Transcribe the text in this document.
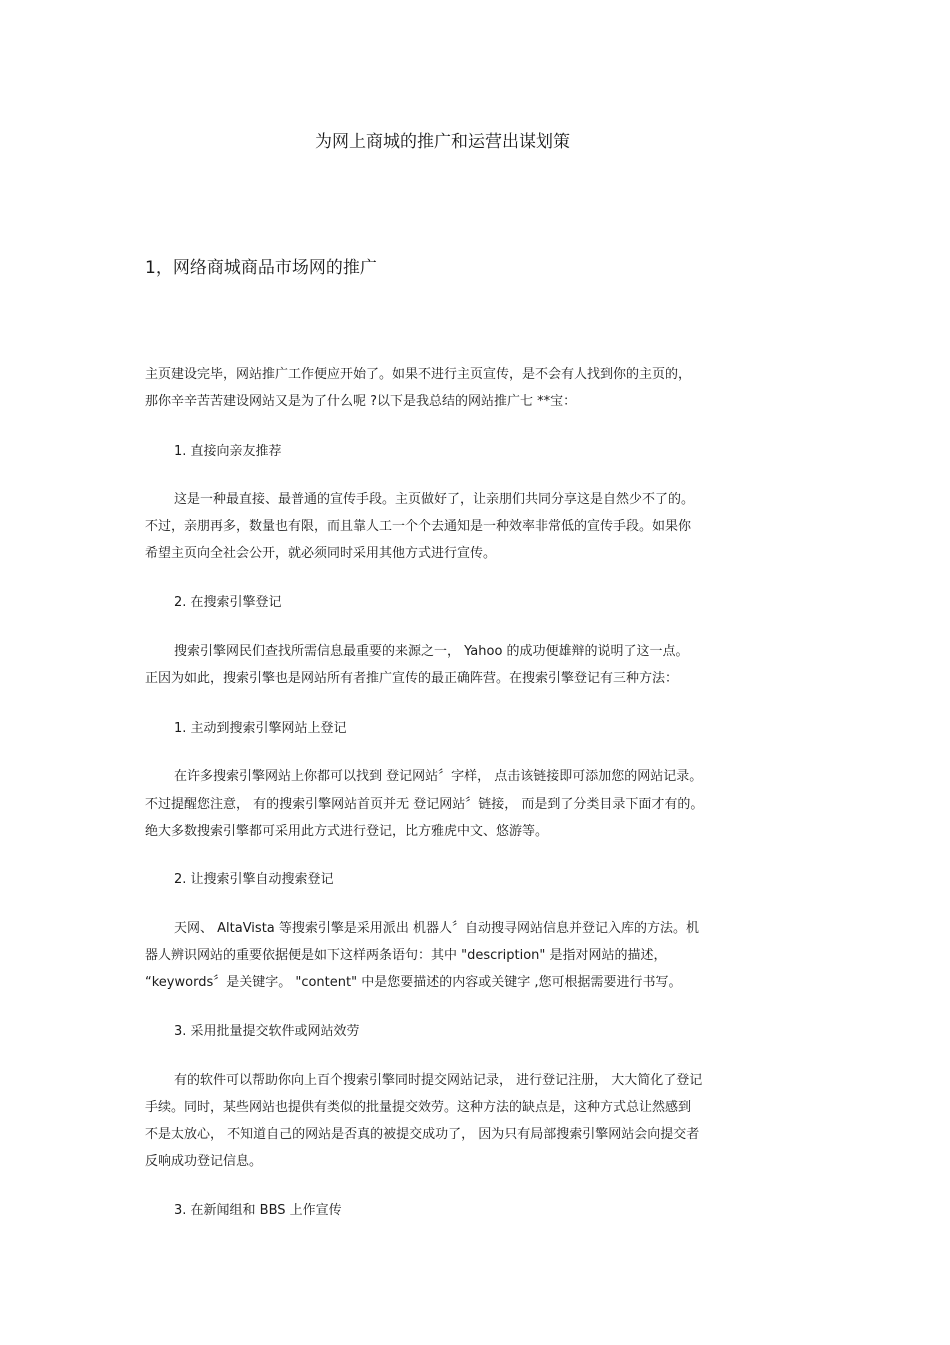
为网上商城的推广和运营出谋划策
1，网络商城商品市场网的推广
主页建设完毕，网站推广工作便应开始了。如果不进行主页宣传，是不会有人找到你的主页的，
那你辛辛苦苦建设网站又是为了什么呢 ?以下是我总结的网站推广七 **宝：
1. 直接向亲友推荐
这是一种最直接、最普通的宣传手段。主页做好了，让亲朋们共同分享这是自然少不了的。
不过，亲朋再多，数量也有限，而且靠人工一个个去通知是一种效率非常低的宣传手段。如果你
希望主页向全社会公开，就必须同时采用其他方式进行宣传。
2. 在搜索引擎登记
搜索引擎网民们查找所需信息最重要的来源之一， Yahoo 的成功便雄辩的说明了这一点。
正因为如此，搜索引擎也是网站所有者推广宣传的最正确阵营。在搜索引擎登记有三种方法：
1. 主动到搜索引擎网站上登记
在许多搜索引擎网站上你都可以找到 登记网站〞字样， 点击该链接即可添加您的网站记录。
不过提醒您注意， 有的搜索引擎网站首页并无 登记网站〞链接， 而是到了分类目录下面才有的。
绝大多数搜索引擎都可采用此方式进行登记，比方雅虎中文、悠游等。
2. 让搜索引擎自动搜索登记
天网、 AltaVista 等搜索引擎是采用派出 机器人〞自动搜寻网站信息并登记入库的方法。机
器人辨识网站的重要依据便是如下这样两条语句：其中 "description" 是指对网站的描述，
“keywords〞是关键字。 "content" 中是您要描述的内容或关键字 ,您可根据需要进行书写。
3. 采用批量提交软件或网站效劳
有的软件可以帮助你向上百个搜索引擎同时提交网站记录， 进行登记注册， 大大简化了登记
手续。同时，某些网站也提供有类似的批量提交效劳。这种方法的缺点是，这种方式总让然感到
不是太放心， 不知道自己的网站是否真的被提交成功了， 因为只有局部搜索引擎网站会向提交者
反响成功登记信息。
3. 在新闻组和 BBS 上作宣传
